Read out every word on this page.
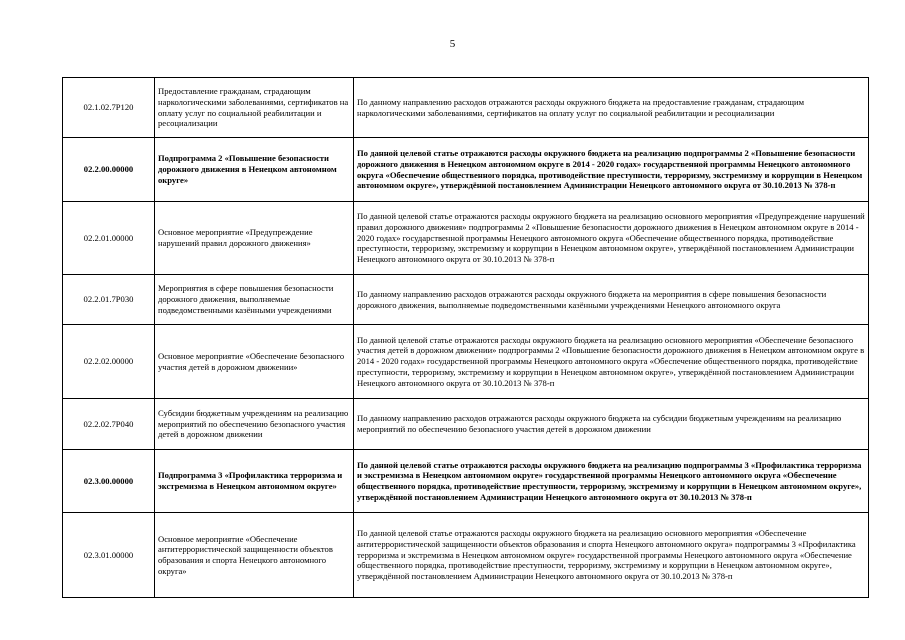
5
02.1.02.7Р120	Предоставление гражданам, страдающим наркологическими заболеваниями, сертификатов на оплату услуг по социальной реабилитации и ресоциализации	По данному направлению расходов отражаются расходы окружного бюджета на предоставление гражданам, страдающим наркологическими заболеваниями, сертификатов на оплату услуг по социальной реабилитации и ресоциализации
02.2.00.00000	Подпрограмма 2 «Повышение безопасности дорожного движения в Ненецком автономном округе»	По данной целевой статье отражаются расходы окружного бюджета на реализацию подпрограммы 2 «Повышение безопасности дорожного движения в Ненецком автономном округе в 2014 - 2020 годах» государственной программы Ненецкого автономного округа «Обеспечение общественного порядка, противодействие преступности, терроризму, экстремизму и коррупции в Ненецком автономном округе», утверждённой постановлением Администрации Ненецкого автономного округа от 30.10.2013 № 378-п
02.2.01.00000	Основное мероприятие «Предупреждение нарушений правил дорожного движения»	По данной целевой статье отражаются расходы окружного бюджета на реализацию основного мероприятия «Предупреждение нарушений правил дорожного движения» подпрограммы 2 «Повышение безопасности дорожного движения в Ненецком автономном округе в 2014 - 2020 годах» государственной программы Ненецкого автономного округа «Обеспечение общественного порядка, противодействие преступности, терроризму, экстремизму и коррупции в Ненецком автономном округе», утверждённой постановлением Администрации Ненецкого автономного округа от 30.10.2013 № 378-п
02.2.01.7Р030	Мероприятия в сфере повышения безопасности дорожного движения, выполняемые подведомственными казёнными учреждениями	По данному направлению расходов отражаются расходы окружного бюджета на мероприятия в сфере повышения безопасности дорожного движения, выполняемые подведомственными казёнными учреждениями Ненецкого автономного округа
02.2.02.00000	Основное мероприятие «Обеспечение безопасного участия детей в дорожном движении»	По данной целевой статье отражаются расходы окружного бюджета на реализацию основного мероприятия «Обеспечение безопасного участия детей в дорожном движении» подпрограммы 2 «Повышение безопасности дорожного движения в Ненецком автономном округе в 2014 - 2020 годах» государственной программы Ненецкого автономного округа «Обеспечение общественного порядка, противодействие преступности, терроризму, экстремизму и коррупции в Ненецком автономном округе», утверждённой постановлением Администрации Ненецкого автономного округа от 30.10.2013 № 378-п
02.2.02.7Р040	Субсидии бюджетным учреждениям на реализацию мероприятий по обеспечению безопасного участия детей в дорожном движении	По данному направлению расходов отражаются расходы окружного бюджета на субсидии бюджетным учреждениям на реализацию мероприятий по обеспечению безопасного участия детей в дорожном движении
02.3.00.00000	Подпрограмма 3 «Профилактика терроризма и экстремизма в Ненецком автономном округе»	По данной целевой статье отражаются расходы окружного бюджета на реализацию подпрограммы 3 «Профилактика терроризма и экстремизма в Ненецком автономном округе» государственной программы Ненецкого автономного округа «Обеспечение общественного порядка, противодействие преступности, терроризму, экстремизму и коррупции в Ненецком автономном округе», утверждённой постановлением Администрации Ненецкого автономного округа от 30.10.2013 № 378-п
02.3.01.00000	Основное мероприятие «Обеспечение антитеррористической защищенности объектов образования и спорта Ненецкого автономного округа»	По данной целевой статье отражаются расходы окружного бюджета на реализацию основного мероприятия «Обеспечение антитеррористической защищенности объектов образования и спорта Ненецкого автономного округа» подпрограммы 3 «Профилактика терроризма и экстремизма в Ненецком автономном округе» государственной программы Ненецкого автономного округа «Обеспечение общественного порядка, противодействие преступности, терроризму, экстремизму и коррупции в Ненецком автономном округе», утверждённой постановлением Администрации Ненецкого автономного округа от 30.10.2013 № 378-п
